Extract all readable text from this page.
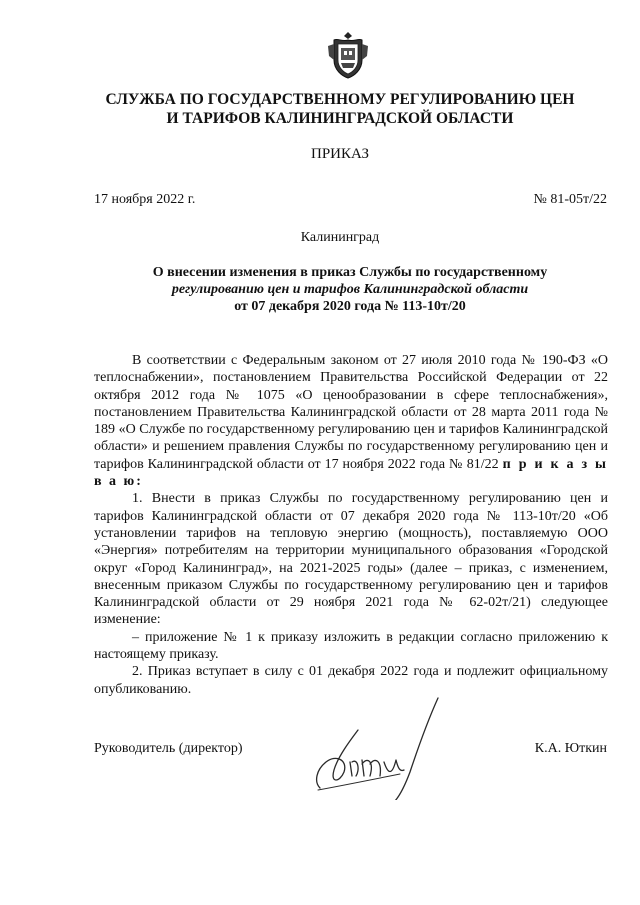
СЛУЖБА ПО ГОСУДАРСТВЕННОМУ РЕГУЛИРОВАНИЮ ЦЕН
И ТАРИФОВ КАЛИНИНГРАДСКОЙ ОБЛАСТИ
ПРИКАЗ
17 ноября 2022 г.	№ 81-05т/22
Калининград
О внесении изменения в приказ Службы по государственному
регулированию цен и тарифов Калининградской области
от 07 декабря 2020 года № 113-10т/20

В соответствии с Федеральным законом от 27 июля 2010 года № 190-ФЗ «О теплоснабжении», постановлением Правительства Российской Федерации от 22 октября 2012 года № 1075 «О ценообразовании в сфере теплоснабжения», постановлением Правительства Калининградской области от 28 марта 2011 года № 189 «О Службе по государственному регулированию цен и тарифов Калининградской области» и решением правления Службы по государственному регулированию цен и тарифов Калининградской области от 17 ноября 2022 года № 81/22 п р и к а з ы в а ю:

1. Внести в приказ Службы по государственному регулированию цен и тарифов Калининградской области от 07 декабря 2020 года № 113-10т/20 «Об установлении тарифов на тепловую энергию (мощность), поставляемую ООО «Энергия» потребителям на территории муниципального образования «Городской округ «Город Калининград», на 2021-2025 годы» (далее – приказ, с изменением, внесенным приказом Службы по государственному регулированию цен и тарифов Калининградской области от 29 ноября 2021 года № 62-02т/21) следующее изменение:

– приложение № 1 к приказу изложить в редакции согласно приложению к настоящему приказу.

2. Приказ вступает в силу с 01 декабря 2022 года и подлежит официальному опубликованию.

Руководитель (директор)	К.А. Юткин
